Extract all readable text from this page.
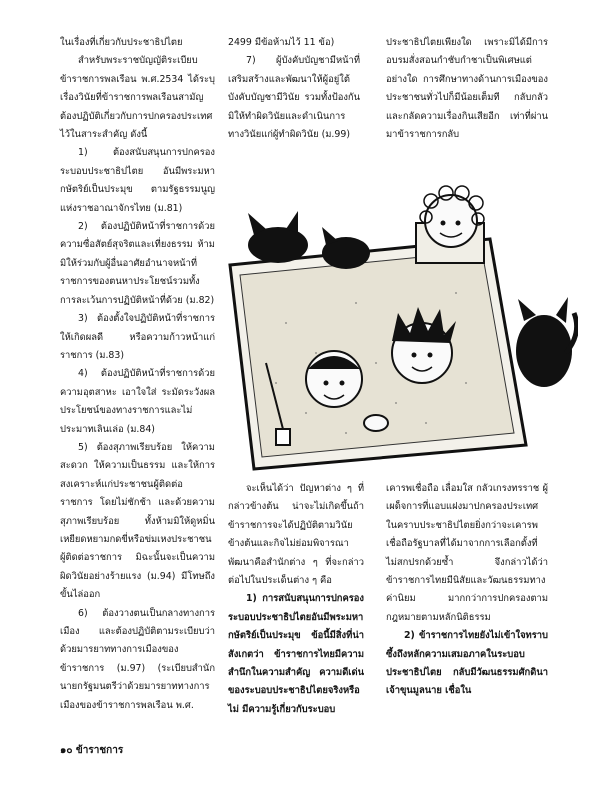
ในเรื่องที่เกี่ยวกับประชาธิปไตย

สำหรับพระราชบัญญัติระเบียบข้าราชการพลเรือน พ.ศ.2534 ได้ระบุเรื่องวินัยที่ข้าราชการพลเรือนสามัญ ต้องปฏิบัติเกี่ยวกับการปกครองประเทศไว้ในสาระสำคัญ ดังนี้

1) ต้องสนับสนุนการปกครองระบอบประชาธิปไตย อันมีพระมหากษัตริย์เป็นประมุข ตามรัฐธรรมนูญแห่งราชอาณาจักรไทย (ม.81)

2) ต้องปฏิบัติหน้าที่ราชการด้วยความซื่อสัตย์สุจริตและเที่ยงธรรม ห้ามมิให้ร่วมกับผู้อื่นอาศัยอำนาจหน้าที่ราชการของตนหาประโยชน์รวมทั้งการละเว้นการปฏิบัติหน้าที่ด้วย (ม.82)

3) ต้องตั้งใจปฏิบัติหน้าที่ราชการให้เกิดผลดี หรือความก้าวหน้าแก่ราชการ (ม.83)

4) ต้องปฏิบัติหน้าที่ราชการด้วยความอุตสาหะ เอาใจใส่ ระมัดระวังผลประโยชน์ของทางราชการและไม่ประมาทเลินเล่อ (ม.84)

5) ต้องสุภาพเรียบร้อย ให้ความสะดวก ให้ความเป็นธรรม และให้การสงเคราะห์แก่ประชาชนผู้ติดต่อราชการ โดยไม่ชักช้า และด้วยความสุภาพเรียบร้อย ทั้งห้ามมิให้ดูหมิ่นเหยียดหยามกดขี่หรือข่มเหงประชาชนผู้ติดต่อราชการ มิฉะนั้นจะเป็นความผิดวินัยอย่างร้ายแรง (ม.94) มีโทษถึงขั้นไล่ออก

6) ต้องวางตนเป็นกลางทางการเมือง และต้องปฏิบัติตามระเบียบว่าด้วยมารยาททางการเมืองของข้าราชการ (ม.97) (ระเบียบสำนักนายกรัฐมนตรีว่าด้วยมารยาททางการเมืองของข้าราชการพลเรือน พ.ศ.

2499 มีข้อห้ามไว้ 11 ข้อ)

7) ผู้บังคับบัญชามีหน้าที่เสริมสร้างและพัฒนาให้ผู้อยู่ใต้บังคับบัญชามีวินัย รวมทั้งป้องกันมิให้ทำผิดวินัยและดำเนินการทางวินัยแก่ผู้ทำผิดวินัย (ม.99)

ประชาธิปไตยเพียงใด เพราะมิได้มีการอบรมสั่งสอนกำชับกำชาเป็นพิเศษแต่อย่างใด การศึกษาทางด้านการเมืองของประชาชนทั่วไปก็มีน้อยเต็มที กลับกลัวและกลัดความเรื่องกินเสียอีก เท่าที่ผ่านมาข้าราชการกลับ

จะเห็นได้ว่า ปัญหาต่าง ๆ ที่กล่าวข้างต้น น่าจะไม่เกิดขึ้นถ้าข้าราชการจะได้ปฏิบัติตามวินัยข้างต้นและกิจไม่ย่อมพิจารณาพัฒนาคือสำนักต่าง ๆ ที่จะกล่าวต่อไปในประเด็นต่าง ๆ คือ

1) การสนับสนุนการปกครองระบอบประชาธิปไตยอันมีพระมหากษัตริย์เป็นประมุข ข้อนี้มีสิ่งที่น่าสังเกตว่า ข้าราชการไทยมีความสำนึกในความสำคัญ ความดีเด่นของระบอบประชาธิปไตยจริงหรือไม่ มีความรู้เกี่ยวกับระบอบ

เคารพเชื่อถือ เลื่อมใส กลัวเกรงทรราช ผู้เผด็จการที่แอบแฝงมาปกครองประเทศในคราบประชาธิปไตยยิ่งกว่าจะเคารพเชื่อถือรัฐบาลที่ได้มาจากการเลือกตั้งที่ไม่สกปรกด้วยซ้ำ จึงกล่าวได้ว่าข้าราชการไทยมีนิสัยและวัฒนธรรมทางค่านิยม มากกว่าการปกครองตามกฎหมายตามหลักนิติธรรม

2) ข้าราชการไทยยังไม่เข้าใจทราบซึ้งถึงหลักความเสมอภาคในระบอบประชาธิปไตย กลับมีวัฒนธรรมศักดินา เจ้าขุนมูลนาย เชื่อใน

๑๐ ข้าราชการ
